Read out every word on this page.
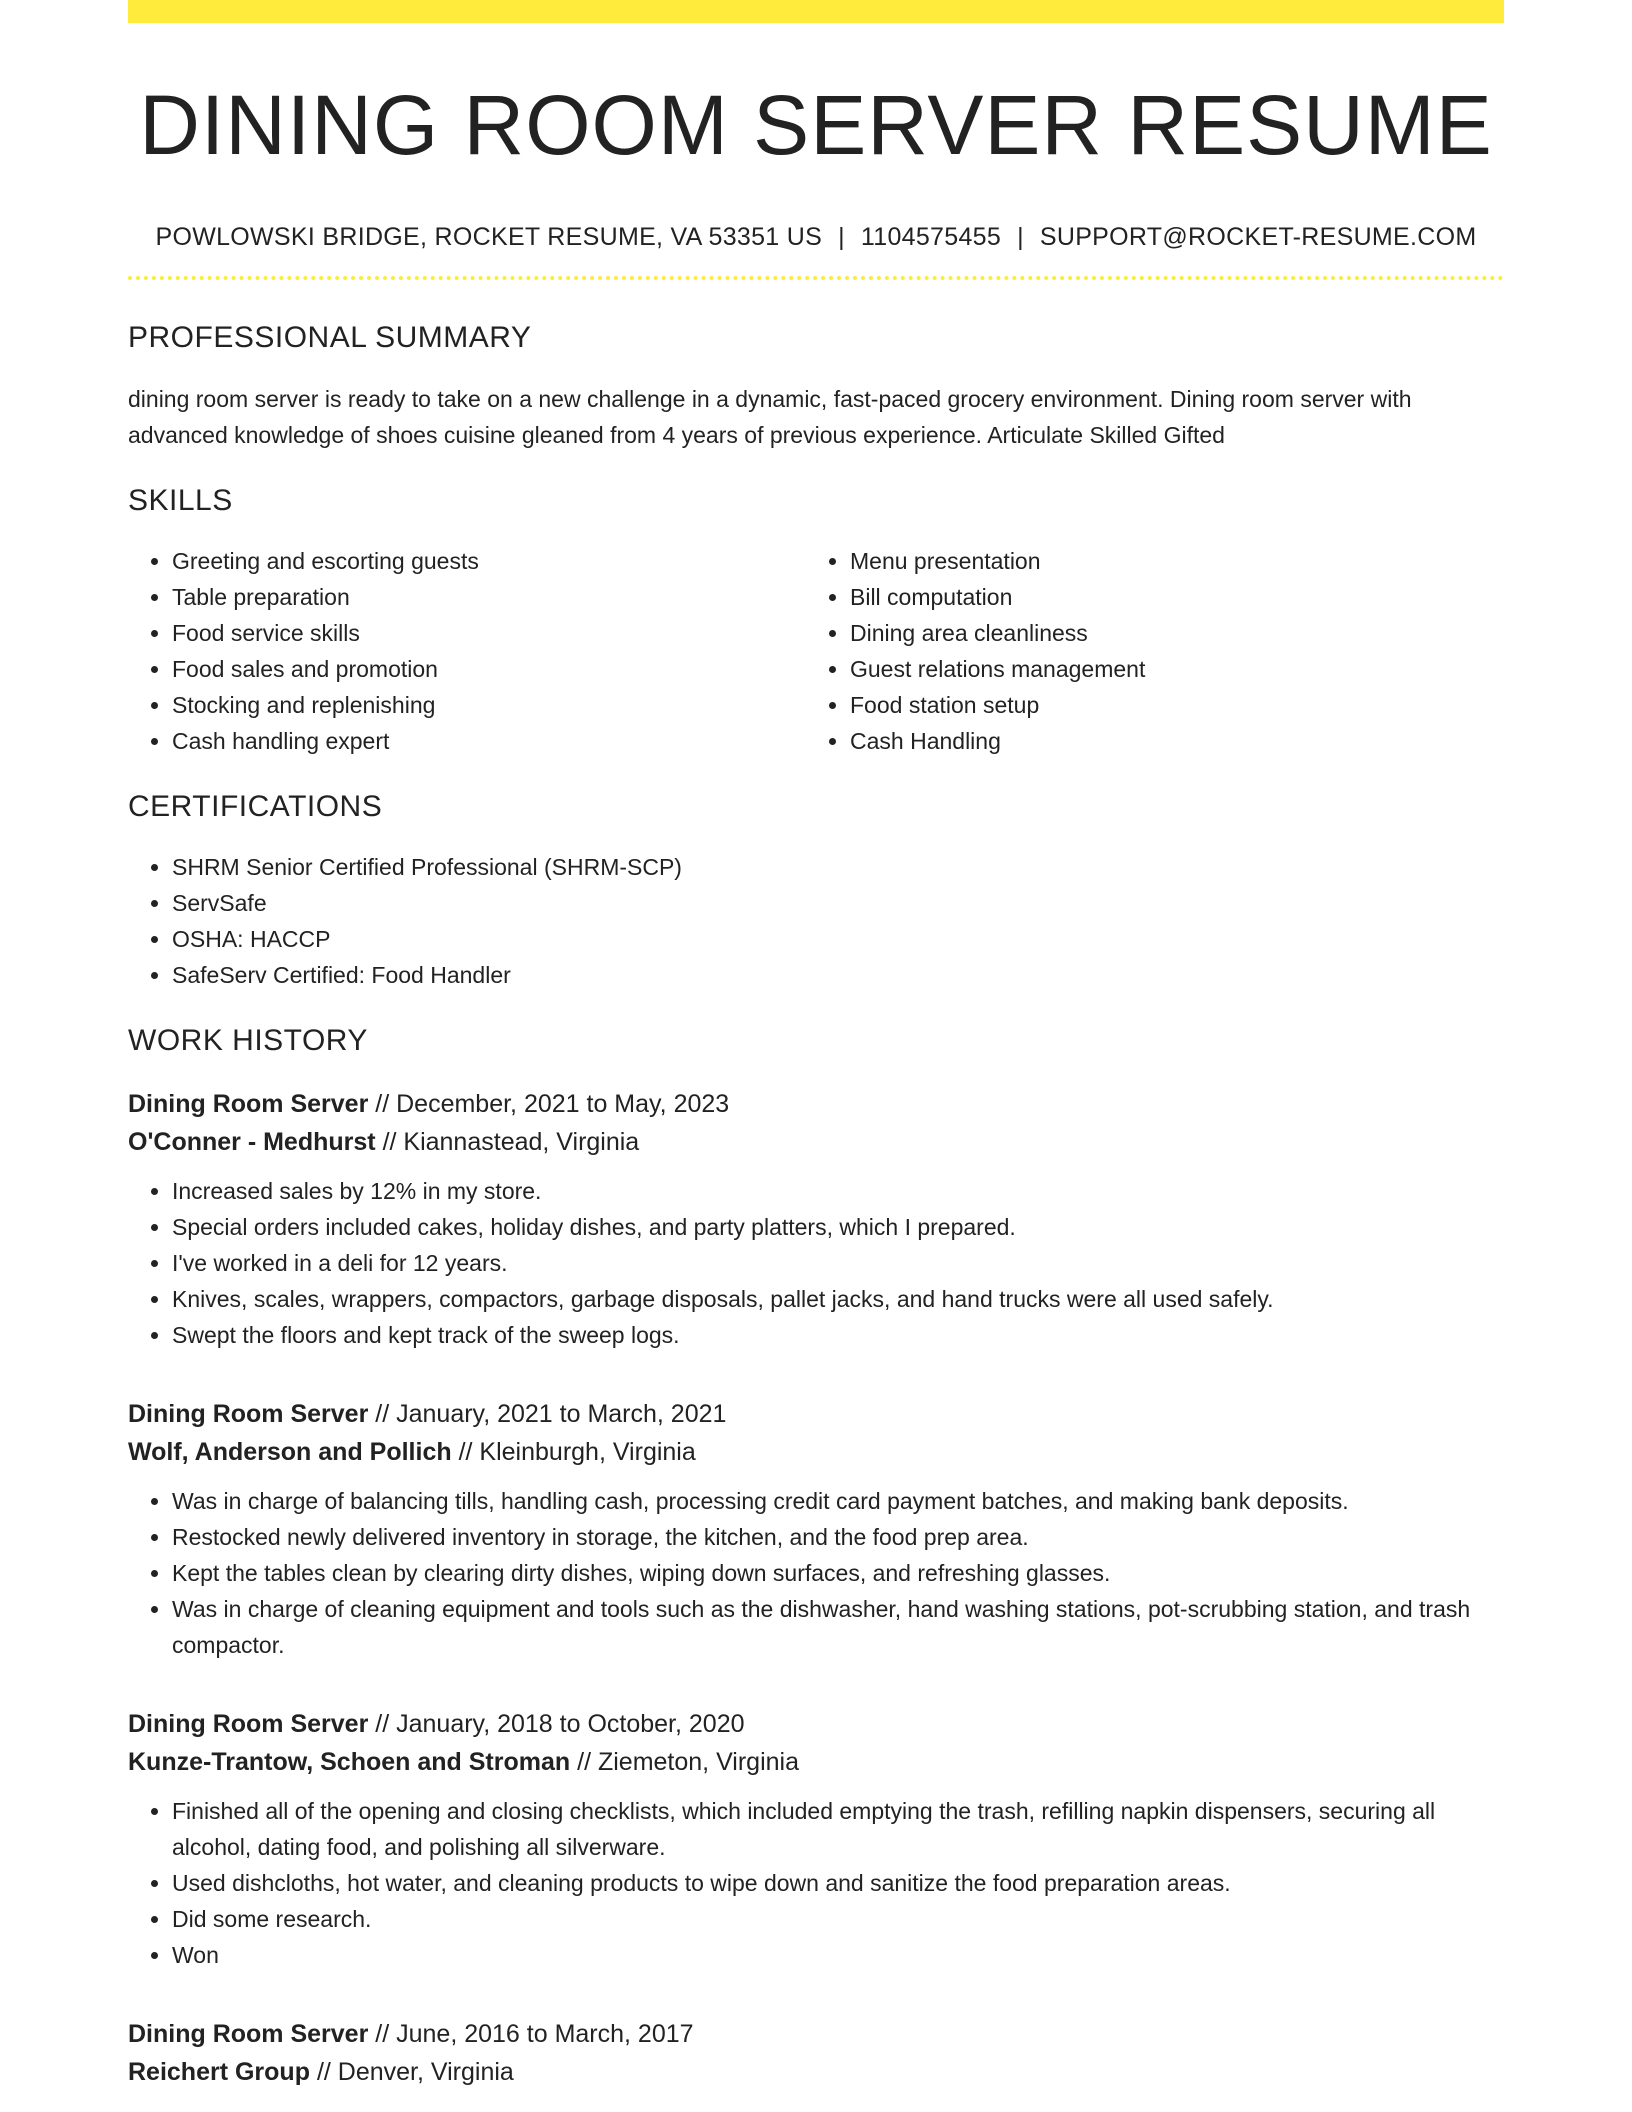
DINING ROOM SERVER RESUME
POWLOWSKI BRIDGE, ROCKET RESUME, VA 53351 US | 1104575455 | SUPPORT@ROCKET-RESUME.COM
PROFESSIONAL SUMMARY

dining room server is ready to take on a new challenge in a dynamic, fast-paced grocery environment. Dining room server with advanced knowledge of shoes cuisine gleaned from 4 years of previous experience. Articulate Skilled Gifted

SKILLS
• Greeting and escorting guests
• Table preparation
• Food service skills
• Food sales and promotion
• Stocking and replenishing
• Cash handling expert
• Menu presentation
• Bill computation
• Dining area cleanliness
• Guest relations management
• Food station setup
• Cash Handling
CERTIFICATIONS
• SHRM Senior Certified Professional (SHRM-SCP)
• ServSafe
• OSHA: HACCP
• SafeServ Certified: Food Handler
WORK HISTORY
Dining Room Server // December, 2021 to May, 2023
O'Conner - Medhurst // Kiannastead, Virginia
• Increased sales by 12% in my store.
• Special orders included cakes, holiday dishes, and party platters, which I prepared.
• I've worked in a deli for 12 years.
• Knives, scales, wrappers, compactors, garbage disposals, pallet jacks, and hand trucks were all used safely.
• Swept the floors and kept track of the sweep logs.
Dining Room Server // January, 2021 to March, 2021
Wolf, Anderson and Pollich // Kleinburgh, Virginia
• Was in charge of balancing tills, handling cash, processing credit card payment batches, and making bank deposits.
• Restocked newly delivered inventory in storage, the kitchen, and the food prep area.
• Kept the tables clean by clearing dirty dishes, wiping down surfaces, and refreshing glasses.
• Was in charge of cleaning equipment and tools such as the dishwasher, hand washing stations, pot-scrubbing station, and trash compactor.
Dining Room Server // January, 2018 to October, 2020
Kunze-Trantow, Schoen and Stroman // Ziemeton, Virginia
• Finished all of the opening and closing checklists, which included emptying the trash, refilling napkin dispensers, securing all alcohol, dating food, and polishing all silverware.
• Used dishcloths, hot water, and cleaning products to wipe down and sanitize the food preparation areas.
• Did some research.
• Won
Dining Room Server // June, 2016 to March, 2017
Reichert Group // Denver, Virginia
